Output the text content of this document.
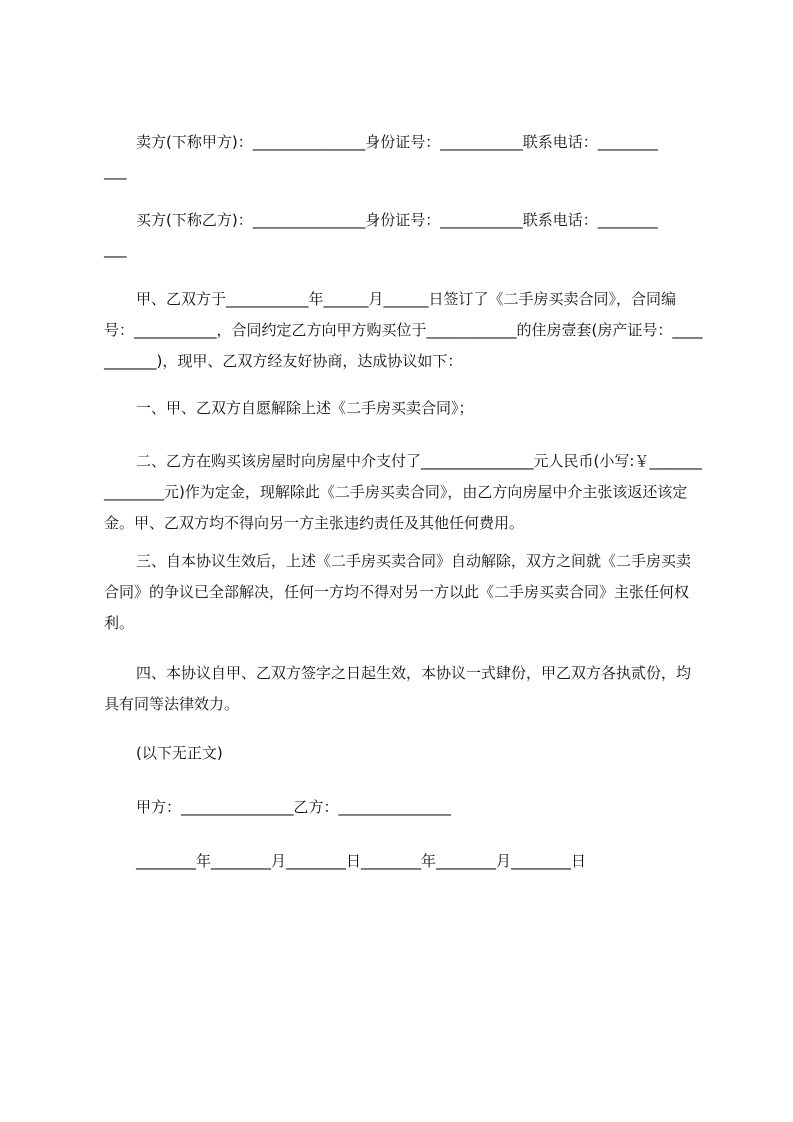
卖方(下称甲方)：_______________身份证号：___________联系电话：________
___
买方(下称乙方)：_______________身份证号：___________联系电话：________
___

甲、乙双方于___________年______月______日签订了《二手房买卖合同》，合同编号：___________，合同约定乙方向甲方购买位于____________的住房壹套(房产证号：___________)，现甲、乙双方经友好协商，达成协议如下：

一、甲、乙双方自愿解除上述《二手房买卖合同》；

二、乙方在购买该房屋时向房屋中介支付了_______________元人民币(小写:￥_______________元)作为定金，现解除此《二手房买卖合同》，由乙方向房屋中介主张该返还该定金。甲、乙双方均不得向另一方主张违约责任及其他任何费用。

三、自本协议生效后，上述《二手房买卖合同》自动解除，双方之间就《二手房买卖合同》的争议已全部解决，任何一方均不得对另一方以此《二手房买卖合同》主张任何权利。

四、本协议自甲、乙双方签字之日起生效，本协议一式肆份，甲乙双方各执贰份，均具有同等法律效力。

(以下无正文)
甲方：_______________乙方：_______________
________年________月________日________年________月________日
